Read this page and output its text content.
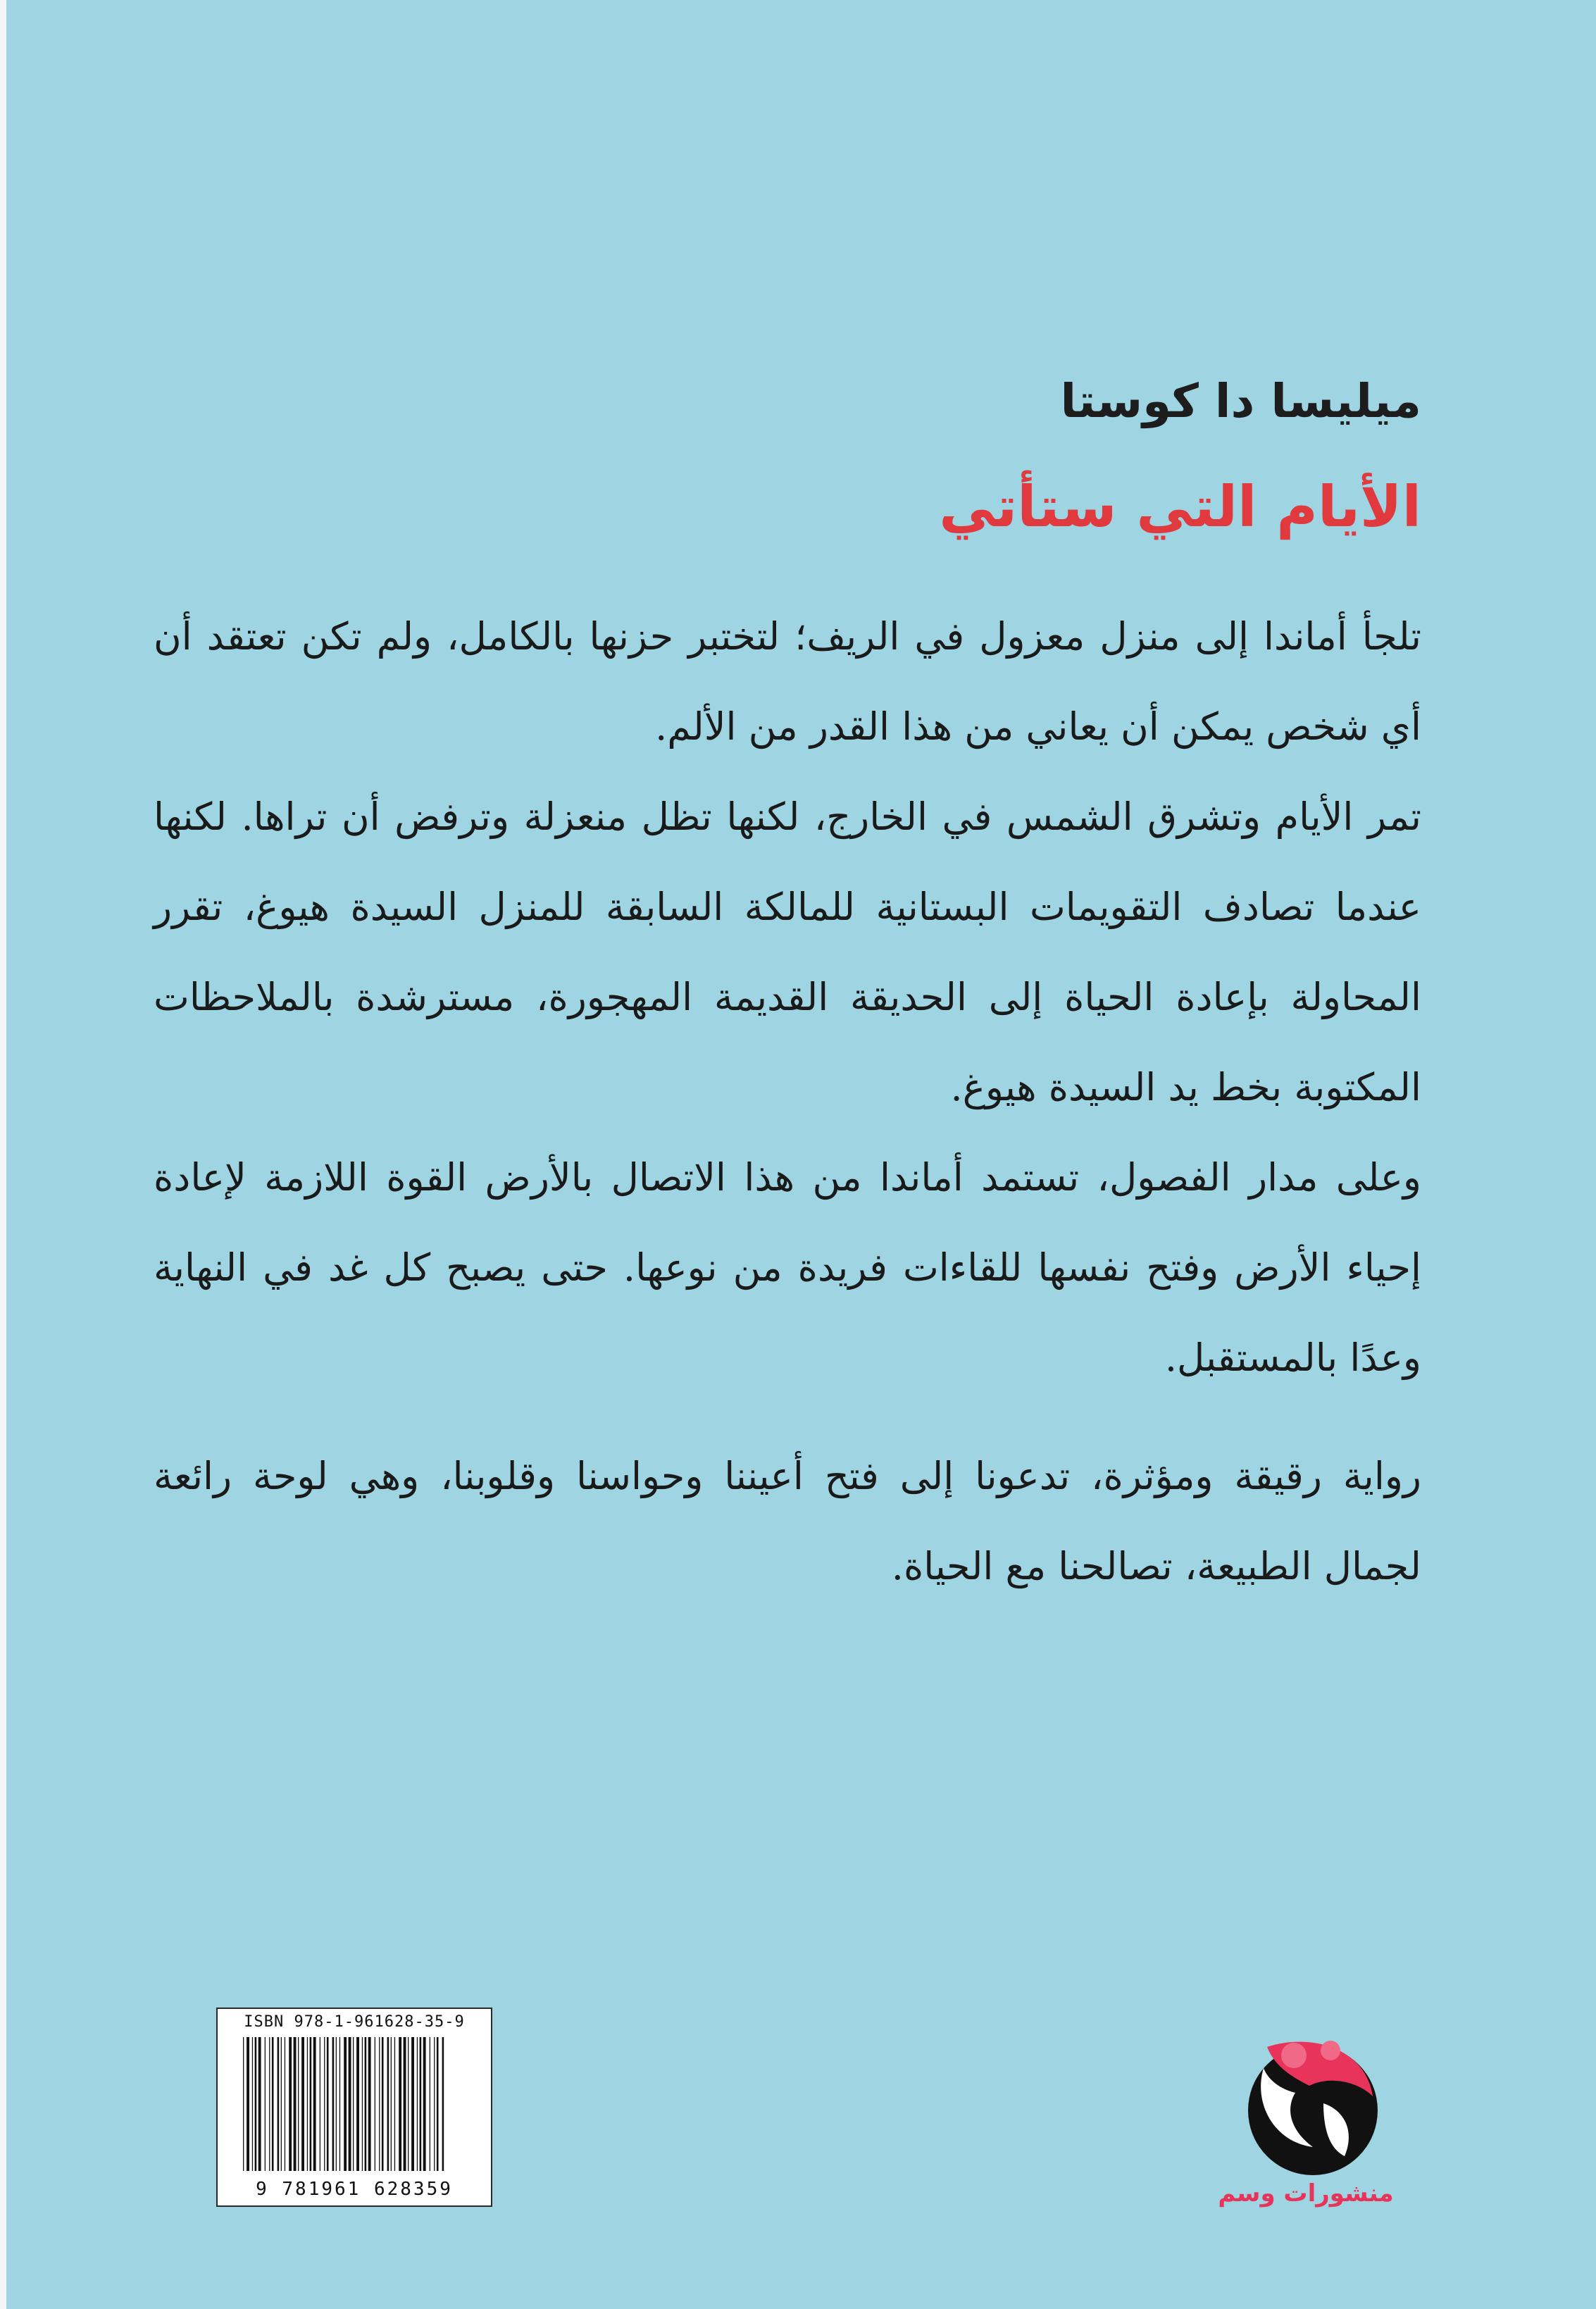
ميليسا دا كوستا
الأيام التي ستأتي

تلجأ أماندا إلى منزل معزول في الريف؛ لتختبر حزنها بالكامل، ولم تكن تعتقد أن أي شخص يمكن أن يعاني من هذا القدر من الألم.

تمر الأيام وتشرق الشمس في الخارج، لكنها تظل منعزلة وترفض أن تراها. لكنها عندما تصادف التقويمات البستانية للمالكة السابقة للمنزل السيدة هيوغ، تقرر المحاولة بإعادة الحياة إلى الحديقة القديمة المهجورة، مسترشدة بالملاحظات المكتوبة بخط يد السيدة هيوغ.

وعلى مدار الفصول، تستمد أماندا من هذا الاتصال بالأرض القوة اللازمة لإعادة إحياء الأرض وفتح نفسها للقاءات فريدة من نوعها. حتى يصبح كل غد في النهاية وعدًا بالمستقبل.

رواية رقيقة ومؤثرة، تدعونا إلى فتح أعيننا وحواسنا وقلوبنا، وهي لوحة رائعة لجمال الطبيعة، تصالحنا مع الحياة.

ISBN 978-1-961628-35-9
9 781961 628359	منشورات وسم
